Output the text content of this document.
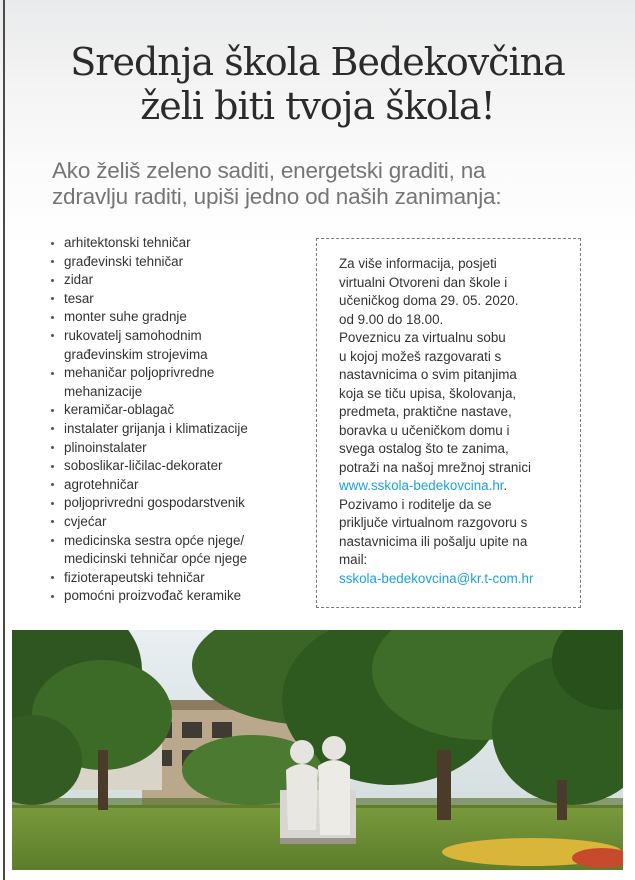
Srednja škola Bedekovčina
želi biti tvoja škola!
Ako želiš zeleno saditi, energetski graditi, na
zdravlju raditi, upiši jedno od naših zanimanja:
arhitektonski tehničar
građevinski tehničar
zidar
tesar
monter suhe gradnje
rukovatelj samohodnim
građevinskim strojevima
mehaničar poljoprivredne
mehanizacije
keramičar-oblagač
instalater grijanja i klimatizacije
plinoinstalater
soboslikar-ličilac-dekorater
agrotehničar
poljoprivredni gospodarstvenik
cvjećar
medicinska sestra opće njege/
medicinski tehničar opće njege
fizioterapeutski tehničar
pomoćni proizvođač keramike

Za više informacija, posjeti
virtualni Otvoreni dan škole i
učeničkog doma 29. 05. 2020.
od 9.00 do 18.00.

Poveznicu za virtualnu sobu
u kojoj možeš razgovarati s
nastavnicima o svim pitanjima
koja se tiču upisa, školovanja,
predmeta, praktične nastave,
boravka u učeničkom domu i
svega ostalog što te zanima,
potraži na našoj mrežnoj stranici

www.sskola-bedekovcina.hr.

Pozivamo i roditelje da se
priključe virtualnom razgovoru s
nastavnicima ili pošalju upite na
mail:

sskola-bedekovcina@kr.t-com.hr
